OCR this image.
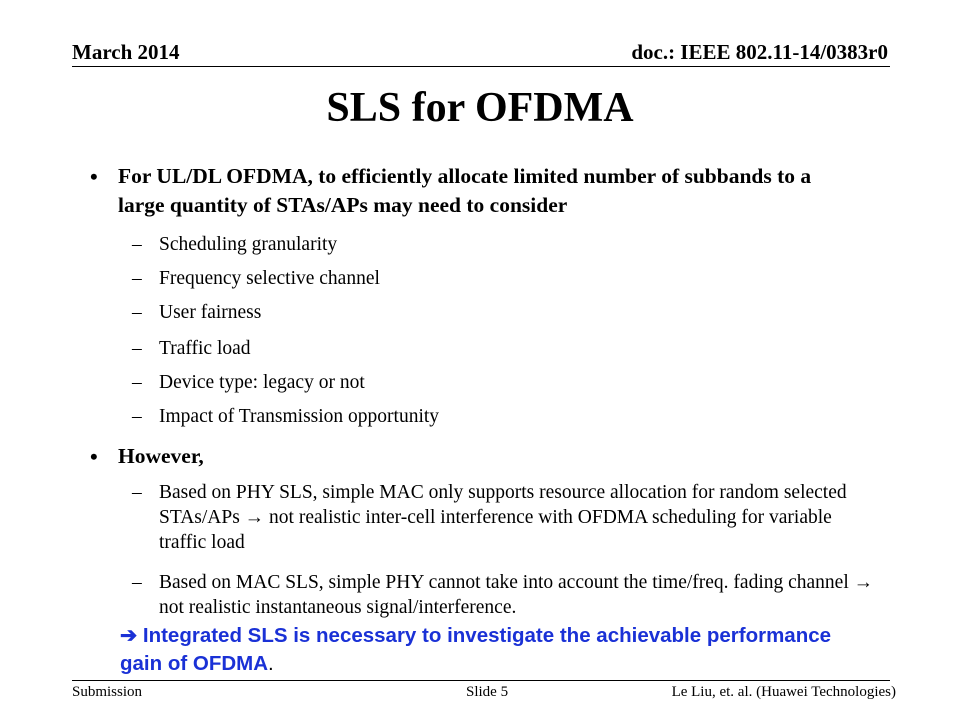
March 2014	doc.: IEEE 802.11-14/0383r0
SLS for OFDMA
• For UL/DL OFDMA, to efficiently allocate limited number of subbands to a large quantity of STAs/APs may need to consider
– Scheduling granularity
– Frequency selective channel
– User fairness
– Traffic load
– Device type: legacy or not
– Impact of Transmission opportunity
• However,
– Based on PHY SLS, simple MAC only supports resource allocation for random selected STAs/APs → not realistic inter-cell interference with OFDMA scheduling for variable traffic load
– Based on MAC SLS, simple PHY cannot take into account the time/freq. fading channel → not realistic instantaneous signal/interference.
➔ Integrated SLS is necessary to investigate the achievable performance gain of OFDMA.
Submission	Slide 5	Le Liu, et. al. (Huawei Technologies)
